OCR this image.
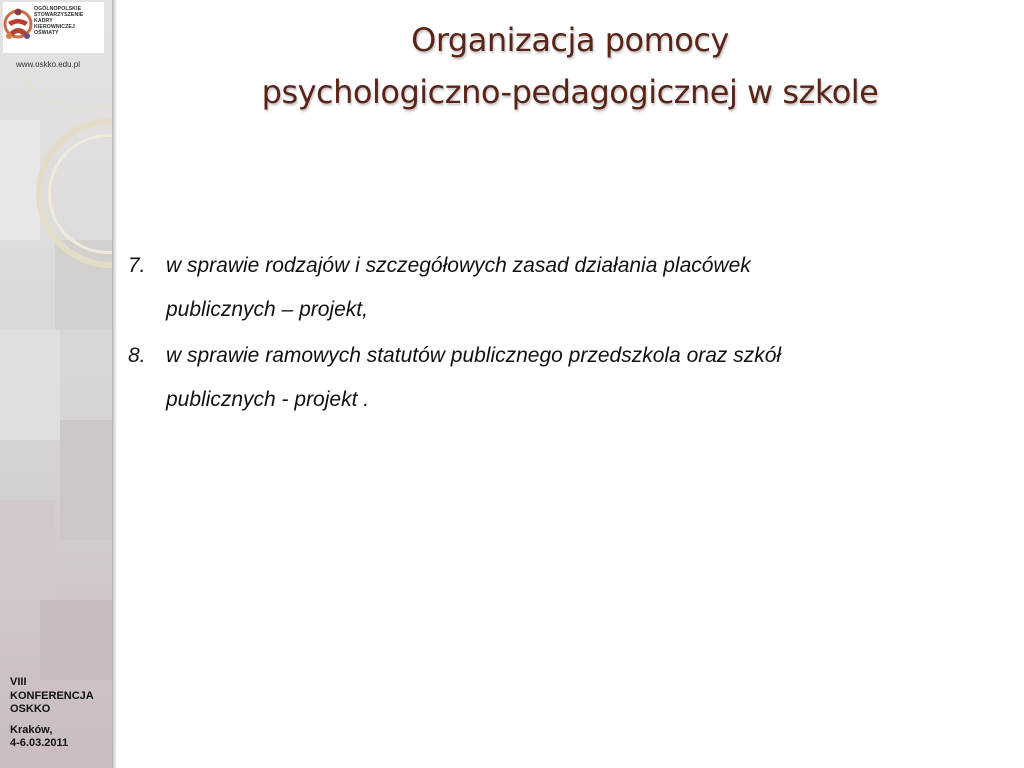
OGÓLNOPOLSKIE
STOWARZYSZENIE
KADRY
KIEROWNICZEJ
OŚWIATY
www.oskko.edu.pl
VIII
KONFERENCJA
OSKKO
Kraków,
4-6.03.2011
Organizacja pomocy
psychologiczno-pedagogicznej w szkole
7. w sprawie rodzajów i szczegółowych zasad działania placówek
publicznych – projekt,
8. w sprawie ramowych statutów publicznego przedszkola oraz szkół
publicznych - projekt .
